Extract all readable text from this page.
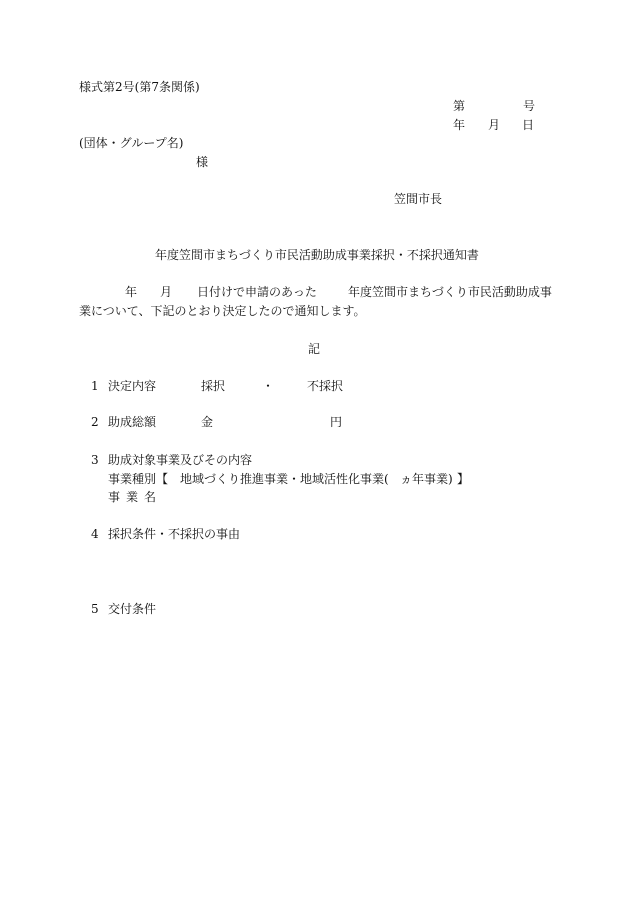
様式第2号(第7条関係)
第	号
年 月 日
(団体・グループ名)
様
笠間市長
年度笠間市まちづくり市民活動助成事業採択・不採択通知書
年 月 日付けで申請のあった	年度笠間市まちづくり市民活動助成事
業について、下記のとおり決定したので通知します。
記
1 決定内容	採択	・	不採択
2 助成総額	金	円
3 助成対象事業及びその内容
事業種別【 地域づくり推進事業・地域活性化事業( ヵ年事業) 】
事業名
4 採択条件・不採択の事由
5 交付条件
